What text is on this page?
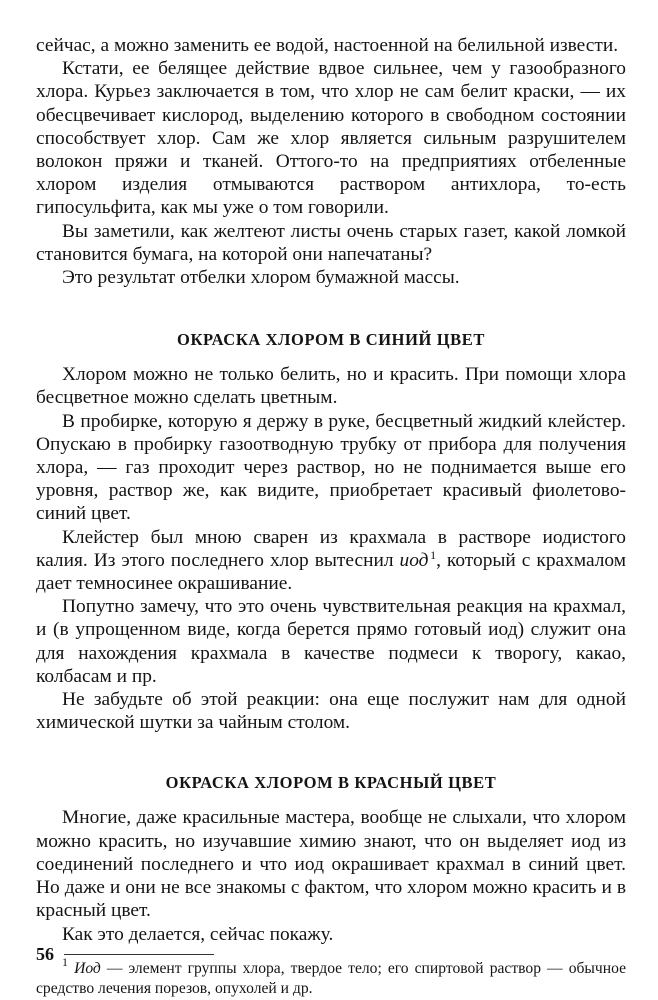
сейчас, а можно заменить ее водой, настоенной на белильной извести.

Кстати, ее белящее действие вдвое сильнее, чем у газообразного хлора. Курьез заключается в том, что хлор не сам белит краски, — их обесцвечивает кислород, выделению которого в свободном состоянии способствует хлор. Сам же хлор является сильным разрушителем волокон пряжи и тканей. Оттого-то на предприятиях отбеленные хлором изделия отмываются раствором антихлора, то-есть гипосульфита, как мы уже о том говорили.

Вы заметили, как желтеют листы очень старых газет, какой ломкой становится бумага, на которой они напечатаны?

Это результат отбелки хлором бумажной массы.

ОКРАСКА ХЛОРОМ В СИНИЙ ЦВЕТ

Хлором можно не только белить, но и красить. При помощи хлора бесцветное можно сделать цветным.

В пробирке, которую я держу в руке, бесцветный жидкий клейстер. Опускаю в пробирку газоотводную трубку от прибора для получения хлора, — газ проходит через раствор, но не поднимается выше его уровня, раствор же, как видите, приобретает красивый фиолетово-синий цвет.

Клейстер был мною сварен из крахмала в растворе иодистого калия. Из этого последнего хлор вытеснил иод  $^1$, который с крахмалом дает темносинее окрашивание.

Попутно замечу, что это очень чувствительная реакция на крахмал, и (в упрощенном виде, когда берется прямо готовый иод) служит она для нахождения крахмала в качестве подмеси к творогу, какао, колбасам и пр.

Не забудьте об этой реакции: она еще послужит нам для одной химической шутки за чайным столом.

ОКРАСКА ХЛОРОМ В КРАСНЫЙ ЦВЕТ

Многие, даже красильные мастера, вообще не слыхали, что хлором можно красить, но изучавшие химию знают, что он выделяет иод из соединений последнего и что иод окрашивает крахмал в синий цвет. Но даже и они не все знакомы с фактом, что хлором можно красить и в красный цвет.

Как это делается, сейчас покажу.

$^1$ Иод — элемент группы хлора, твердое тело; его спиртовой раствор — обычное средство лечения порезов, опухолей и др.

56
